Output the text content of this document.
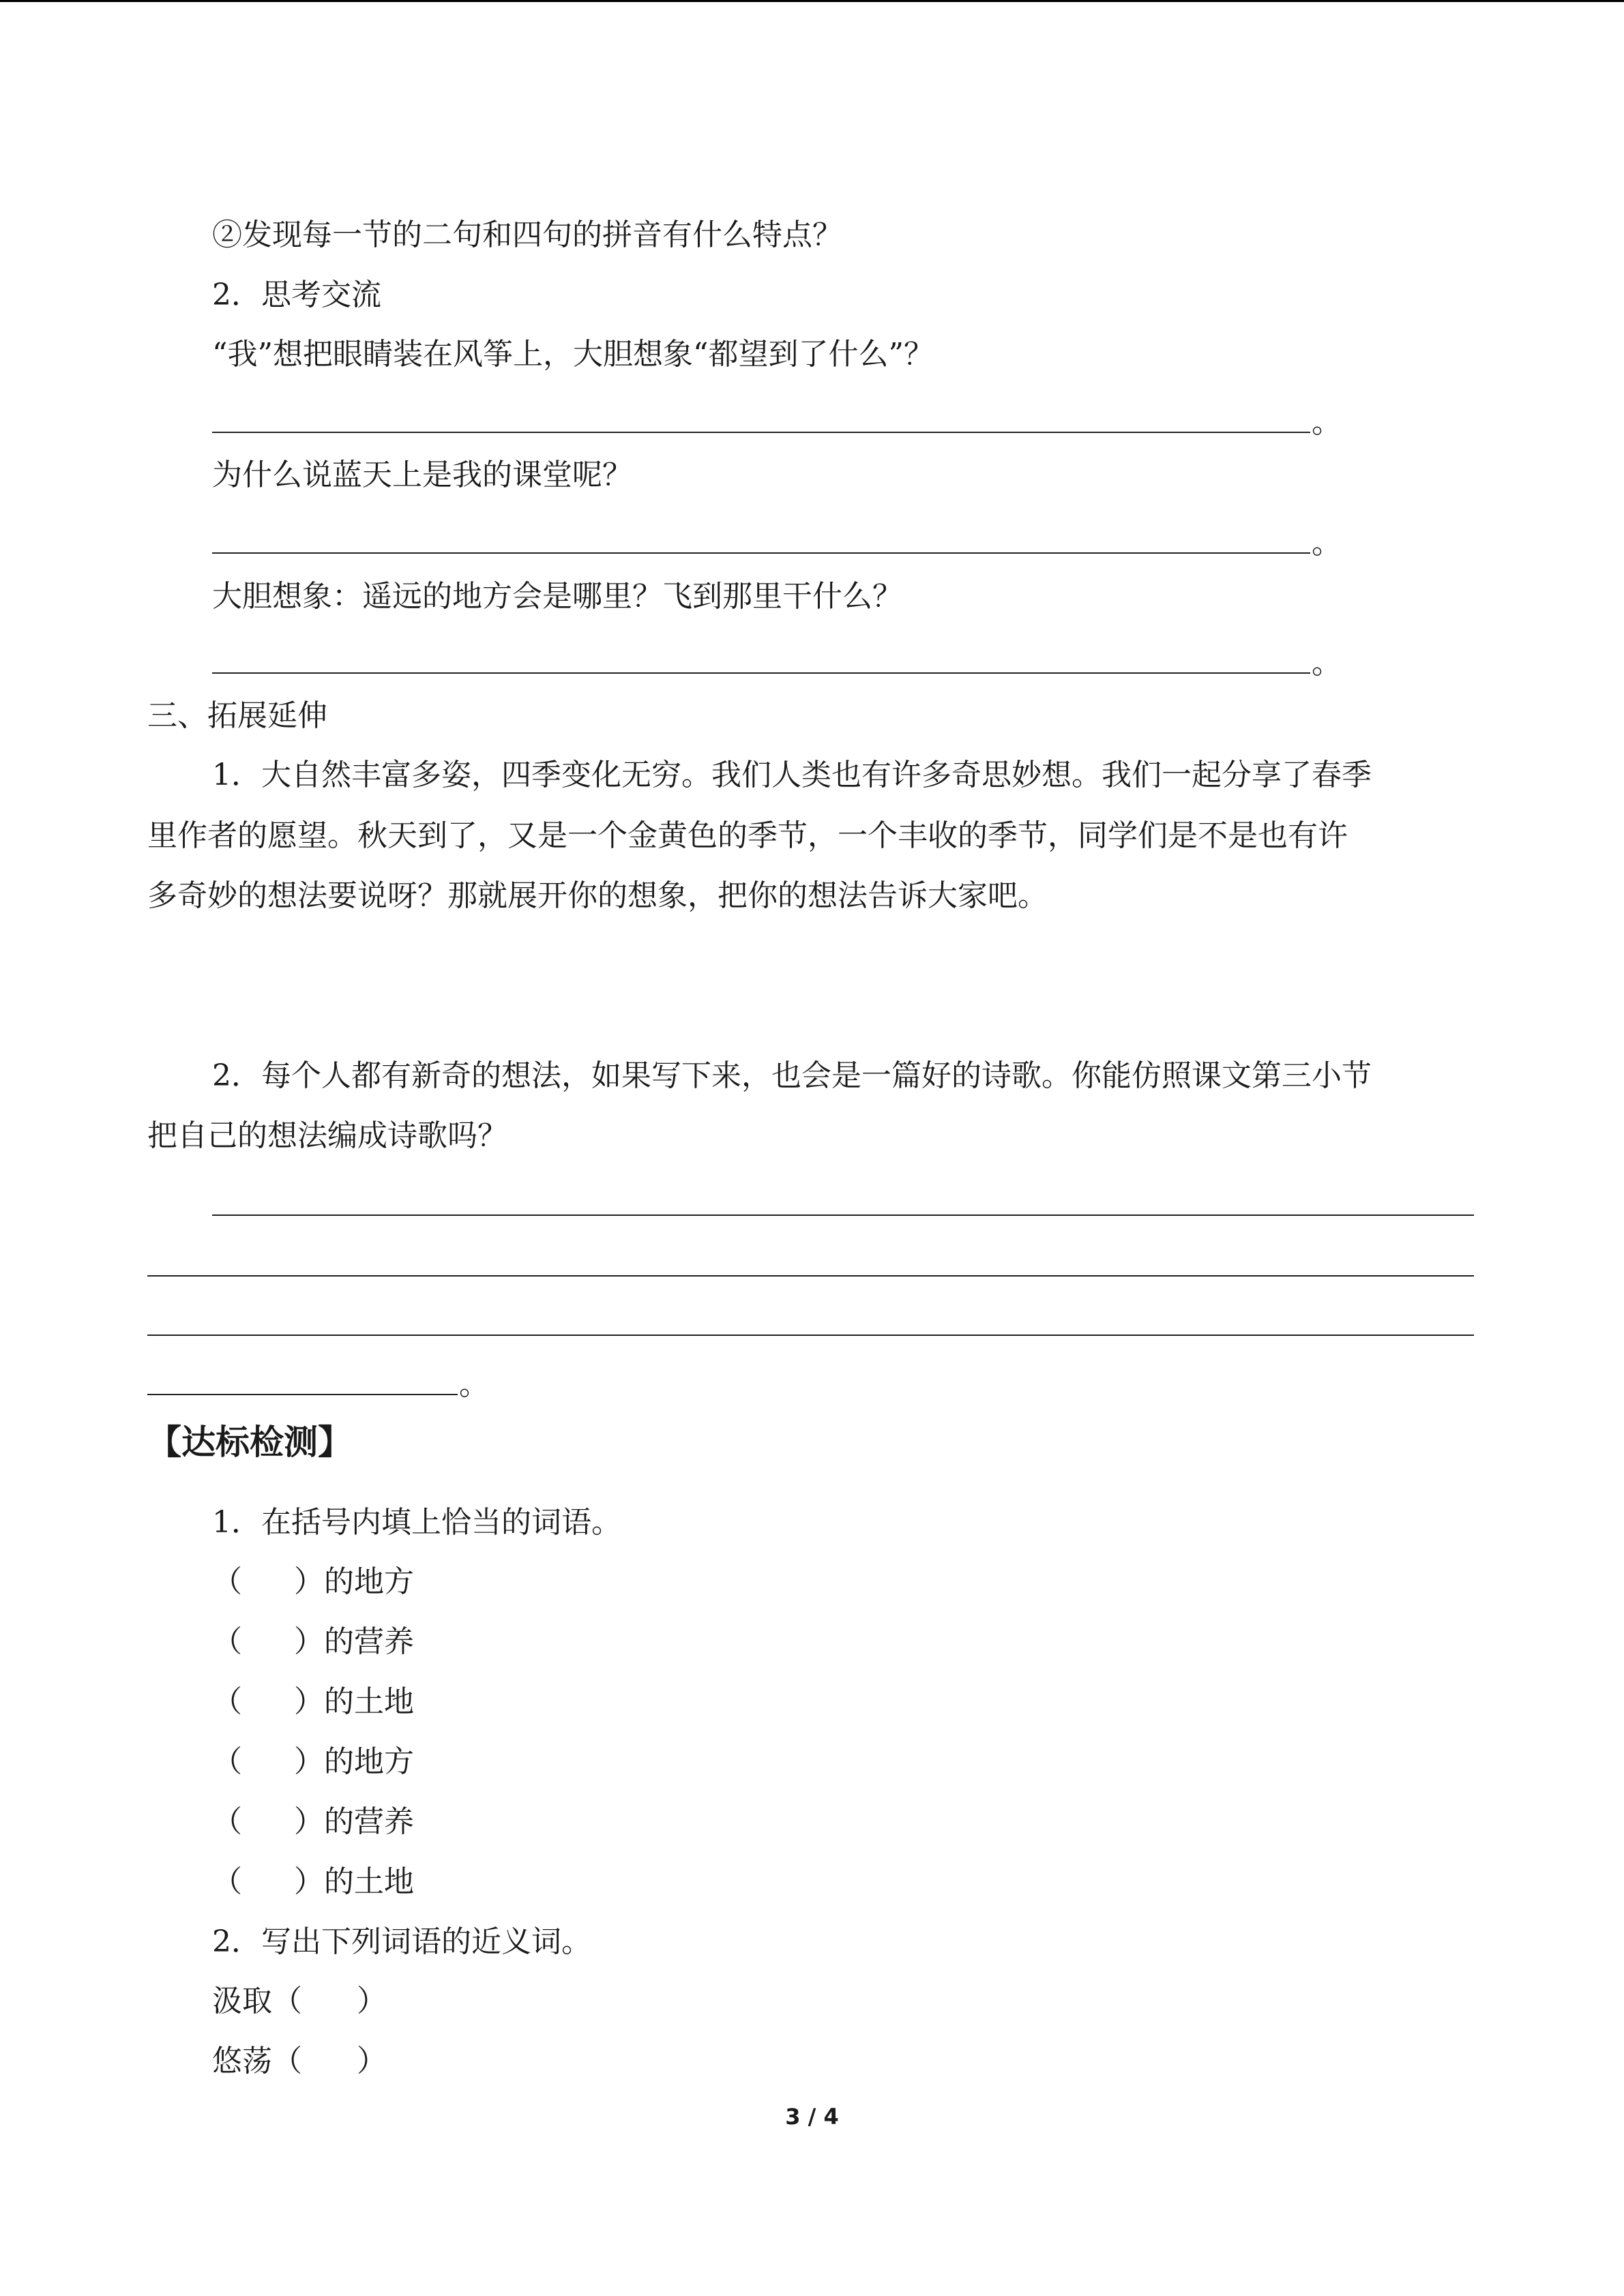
②发现每一节的二句和四句的拼音有什么特点？
2．思考交流
“我”想把眼睛装在风筝上，大胆想象“都望到了什么”？
。
为什么说蓝天上是我的课堂呢？
。
大胆想象：遥远的地方会是哪里？飞到那里干什么？
。
三、拓展延伸
1．大自然丰富多姿，四季变化无穷。我们人类也有许多奇思妙想。我们一起分享了春季
里作者的愿望。秋天到了，又是一个金黄色的季节，一个丰收的季节，同学们是不是也有许
多奇妙的想法要说呀？那就展开你的想象，把你的想法告诉大家吧。
2．每个人都有新奇的想法，如果写下来，也会是一篇好的诗歌。你能仿照课文第三小节
把自己的想法编成诗歌吗？
。
【达标检测】
1．在括号内填上恰当的词语。
（ ）的地方
（ ）的营养
（ ）的土地
（ ）的地方
（ ）的营养
（ ）的土地
2．写出下列词语的近义词。
汲取（ ）
悠荡（ ）
3 / 4
